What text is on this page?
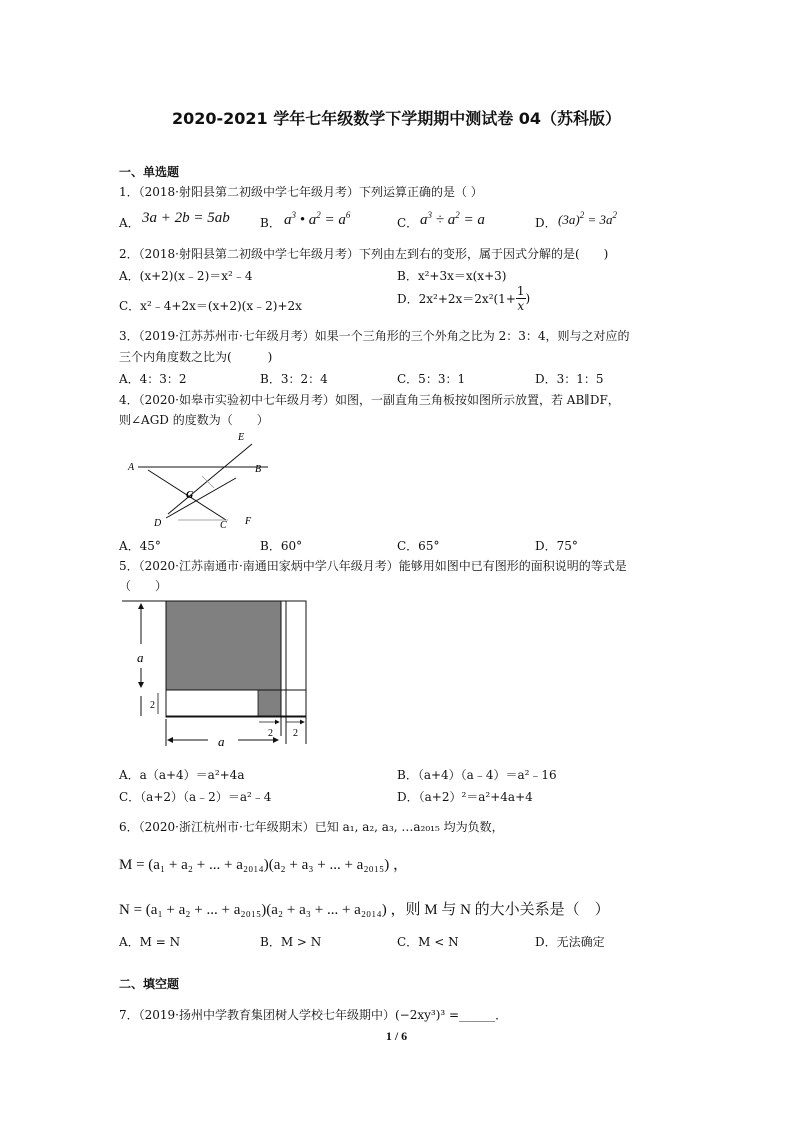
2020-2021 学年七年级数学下学期期中测试卷 04（苏科版）
一、单选题
1．（2018·射阳县第二初级中学七年级月考）下列运算正确的是（ ）
A． 3a + 2b = 5ab	B． $a^3$ • $a^2 = a^6$
C． $a^3 \div a^2 = a$	D． $(3a)^2 = 3a^2$
2．（2018·射阳县第二初级中学七年级月考）下列由左到右的变形，属于因式分解的是(　　)
A．(x+2)(x﹣2)＝x²﹣4	B．x²+3x＝x(x+3)
C．x²﹣4+2x＝(x+2)(x﹣2)+2x	D．$2x^2+2x=2x^2(1+ \frac{1}{x}$ )
3．（2019·江苏苏州市·七年级月考）如果一个三角形的三个外角之比为 2：3：4，则与之对应的
三个内角度数之比为(　　　)
A．4：3：2	B．3：2：4	C．5：3：1	D．3：1：5
4．（2020·如皋市实验初中七年级月考）如图，一副直角三角板按如图所示放置，若 AB∥DF，
则∠AGD 的度数为（　　）
A	B
E
G
D	C F
A．45°	B．60°	C．65°	D．75°
5．（2020·江苏南通市·南通田家炳中学八年级月考）能够用如图中已有图形的面积说明的等式是
（　　）
a
2
a
2 2
A．a（a+4）＝a²+4a	B．（a+4）（a﹣4）＝a²﹣16
C．（a+2）（a﹣2）＝a²﹣4	D．（a+2）²＝a²+4a+4
6．（2020·浙江杭州市·七年级期末）已知 a₁, a₂, a₃, …a₂₀₁₅ 均为负数，
M = (a₁ + a₂ + ... + a₂₀₁₄)(a₂ + a₃ + ... + a₂₀₁₅) ，
N = (a₁ + a₂ + ... + a₂₀₁₅)(a₂ + a₃ + ... + a₂₀₁₄) ，则 M 与 N 的大小关系是（　）
A．M = N	B．M > N	C．M < N	D．无法确定
二、填空题
7．（2019·扬州中学教育集团树人学校七年级期中）(−2xy³)³ =______．
1 / 6
